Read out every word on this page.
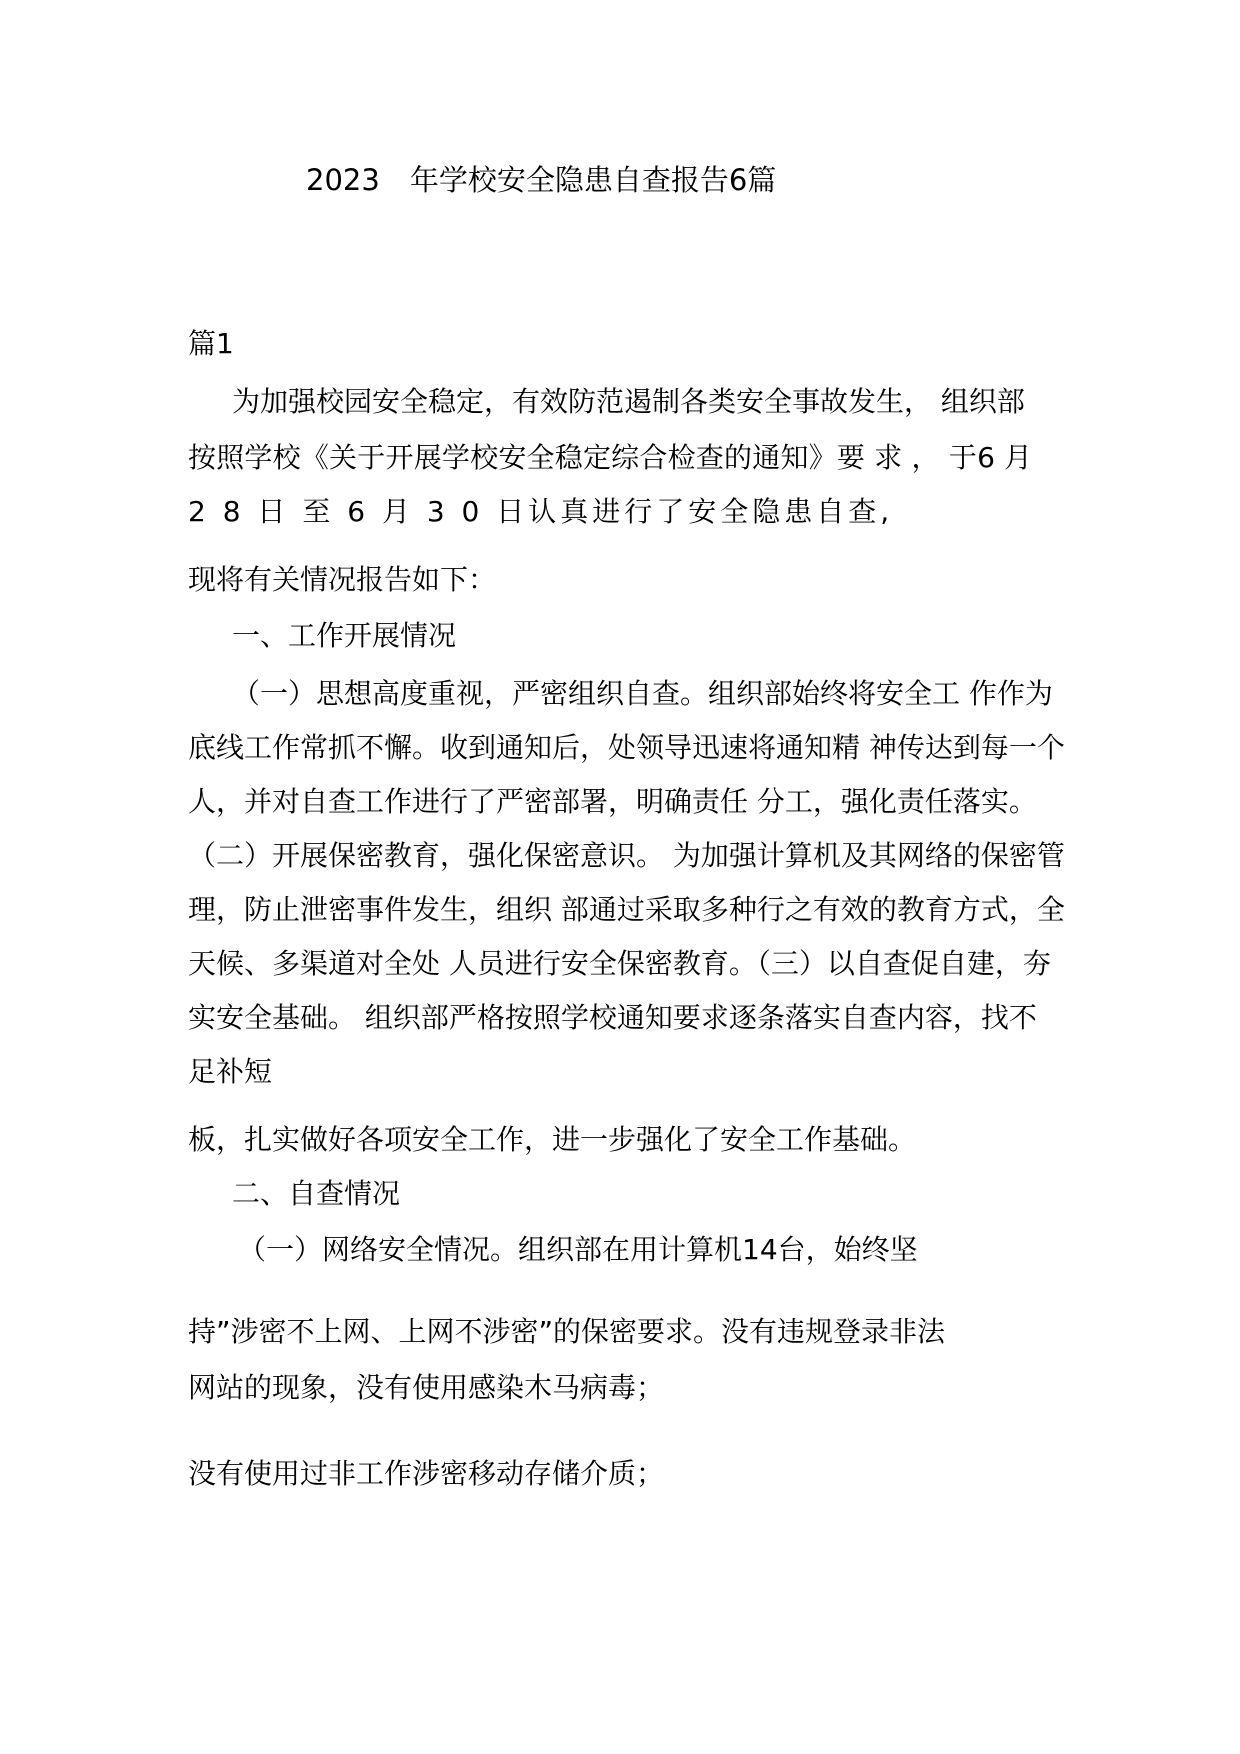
2023 年学校安全隐患自查报告6篇
篇1
为加强校园安全稳定，有效防范遏制各类安全事故发生， 组织部
按照学校《关于开展学校安全稳定综合检查的通知》要 求 ， 于6 月
2 8 日 至 6 月 3 0 日认真进行了安全隐患自查,
现将有关情况报告如下：
一、工作开展情况
（一）思想高度重视，严密组织自查。组织部始终将安全工 作作为
底线工作常抓不懈。收到通知后，处领导迅速将通知精 神传达到每一个
人，并对自查工作进行了严密部署，明确责任 分工，强化责任落实。
（二）开展保密教育，强化保密意识。 为加强计算机及其网络的保密管
理，防止泄密事件发生，组织 部通过采取多种行之有效的教育方式，全
天候、多渠道对全处 人员进行安全保密教育。（三）以自查促自建，夯
实安全基础。 组织部严格按照学校通知要求逐条落实自查内容，找不
足补短
板，扎实做好各项安全工作，进一步强化了安全工作基础。
二、自查情况
（一）网络安全情况。组织部在用计算机14台，始终坚
持”涉密不上网、上网不涉密”的保密要求。没有违规登录非法
网站的现象，没有使用感染木马病毒；
没有使用过非工作涉密移动存储介质；
